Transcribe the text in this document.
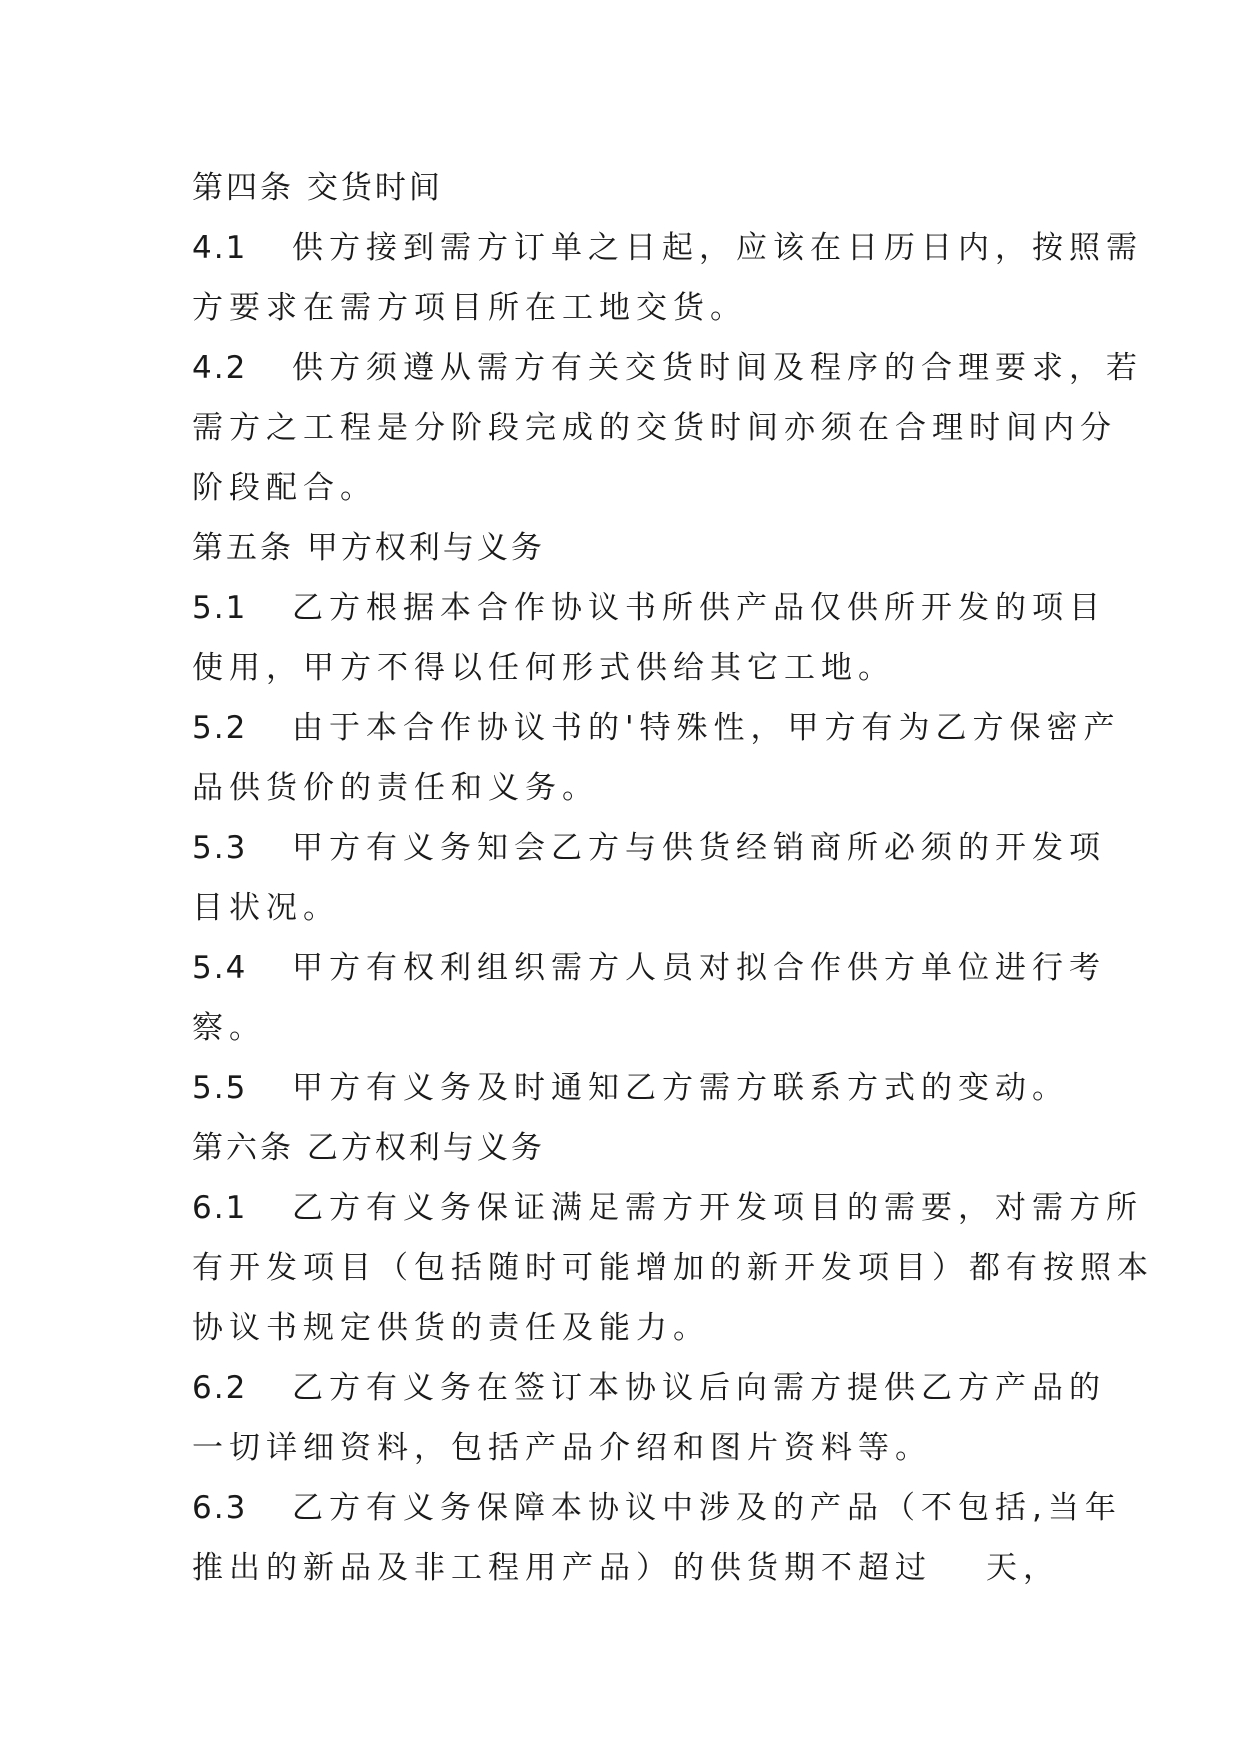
第四条 交货时间
4.1 供方接到需方订单之日起，应该在日历日内，按照需
方要求在需方项目所在工地交货。
4.2 供方须遵从需方有关交货时间及程序的合理要求，若
需方之工程是分阶段完成的交货时间亦须在合理时间内分
阶段配合。
第五条 甲方权利与义务
5.1 乙方根据本合作协议书所供产品仅供所开发的项目
使用，甲方不得以任何形式供给其它工地。
5.2 由于本合作协议书的'特殊性，甲方有为乙方保密产
品供货价的责任和义务。
5.3 甲方有义务知会乙方与供货经销商所必须的开发项
目状况。
5.4 甲方有权利组织需方人员对拟合作供方单位进行考
察。
5.5 甲方有义务及时通知乙方需方联系方式的变动。
第六条 乙方权利与义务
6.1 乙方有义务保证满足需方开发项目的需要，对需方所
有开发项目（包括随时可能增加的新开发项目）都有按照本
协议书规定供货的责任及能力。
6.2 乙方有义务在签订本协议后向需方提供乙方产品的
一切详细资料，包括产品介绍和图片资料等。
6.3 乙方有义务保障本协议中涉及的产品（不包括,当年
推出的新品及非工程用产品）的供货期不超过 天，
